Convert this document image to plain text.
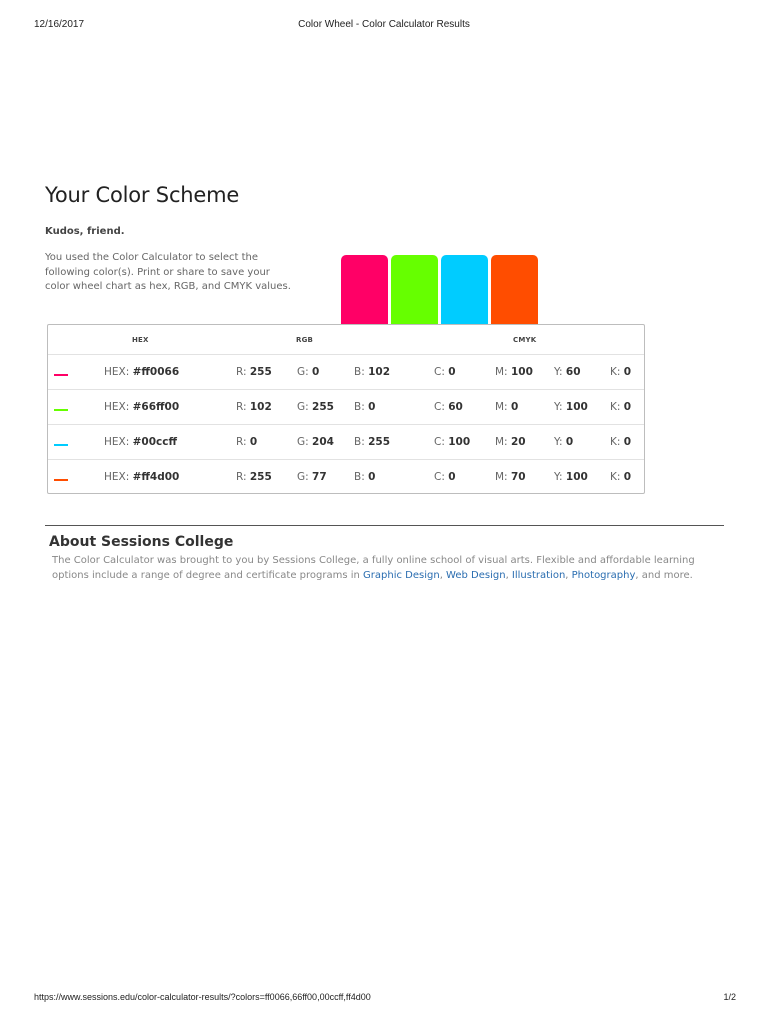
12/16/2017	Color Wheel - Color Calculator Results
Your Color Scheme
Kudos, friend.

You used the Color Calculator to select the following color(s). Print or share to save your color wheel chart as hex, RGB, and CMYK values.

HEX	RGB	CMYK
HEX: #ff0066	R: 255 G: 0	B: 102	C: 0	M: 100 Y: 60	K: 0
HEX: #66ff00	R: 102 G: 255 B: 0	C: 60	M: 0	Y: 100 K: 0
HEX: #00ccff	R: 0	G: 204 B: 255	C: 100 M: 20	Y: 0	K: 0
HEX: #ff4d00	R: 255 G: 77	B: 0	C: 0	M: 70	Y: 100 K: 0
About Sessions College

The Color Calculator was brought to you by Sessions College, a fully online school of visual arts. Flexible and affordable learning options include a range of degree and certificate programs in Graphic Design, Web Design, Illustration, Photography, and more.

https://www.sessions.edu/color-calculator-results/?colors=ff0066,66ff00,00ccff,ff4d00	1/2
